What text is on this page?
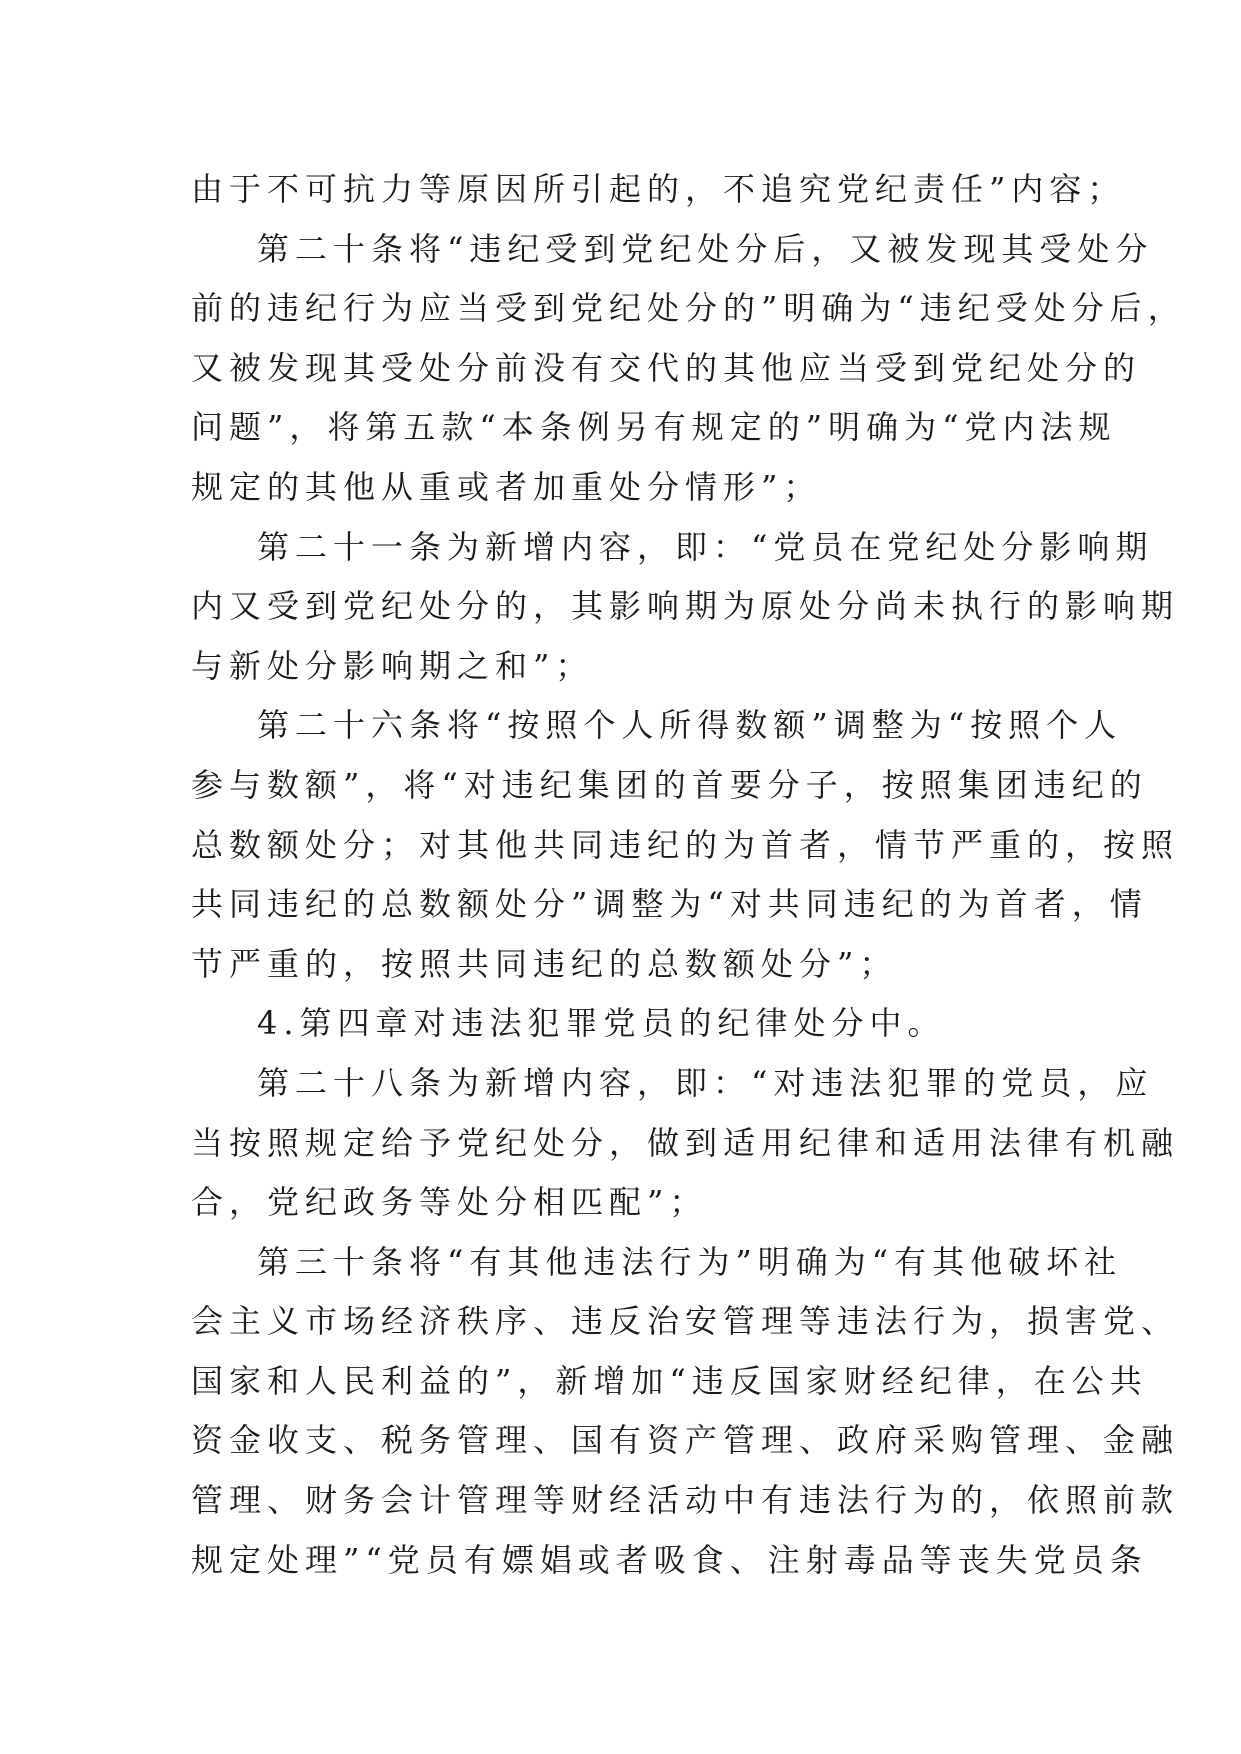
由于不可抗力等原因所引起的，不追究党纪责任”内容；
第二十条将“违纪受到党纪处分后，又被发现其受处分
前的违纪行为应当受到党纪处分的”明确为“违纪受处分后，
又被发现其受处分前没有交代的其他应当受到党纪处分的
问题”，将第五款“本条例另有规定的”明确为“党内法规
规定的其他从重或者加重处分情形”；
第二十一条为新增内容，即：“党员在党纪处分影响期
内又受到党纪处分的，其影响期为原处分尚未执行的影响期
与新处分影响期之和”；
第二十六条将“按照个人所得数额”调整为“按照个人
参与数额”，将“对违纪集团的首要分子，按照集团违纪的
总数额处分；对其他共同违纪的为首者，情节严重的，按照
共同违纪的总数额处分”调整为“对共同违纪的为首者，情
节严重的，按照共同违纪的总数额处分”；
4.第四章对违法犯罪党员的纪律处分中。
第二十八条为新增内容，即：“对违法犯罪的党员，应
当按照规定给予党纪处分，做到适用纪律和适用法律有机融
合，党纪政务等处分相匹配”；
第三十条将“有其他违法行为”明确为“有其他破坏社
会主义市场经济秩序、违反治安管理等违法行为，损害党、
国家和人民利益的”，新增加“违反国家财经纪律，在公共
资金收支、税务管理、国有资产管理、政府采购管理、金融
管理、财务会计管理等财经活动中有违法行为的，依照前款
规定处理”“党员有嫖娼或者吸食、注射毒品等丧失党员条
